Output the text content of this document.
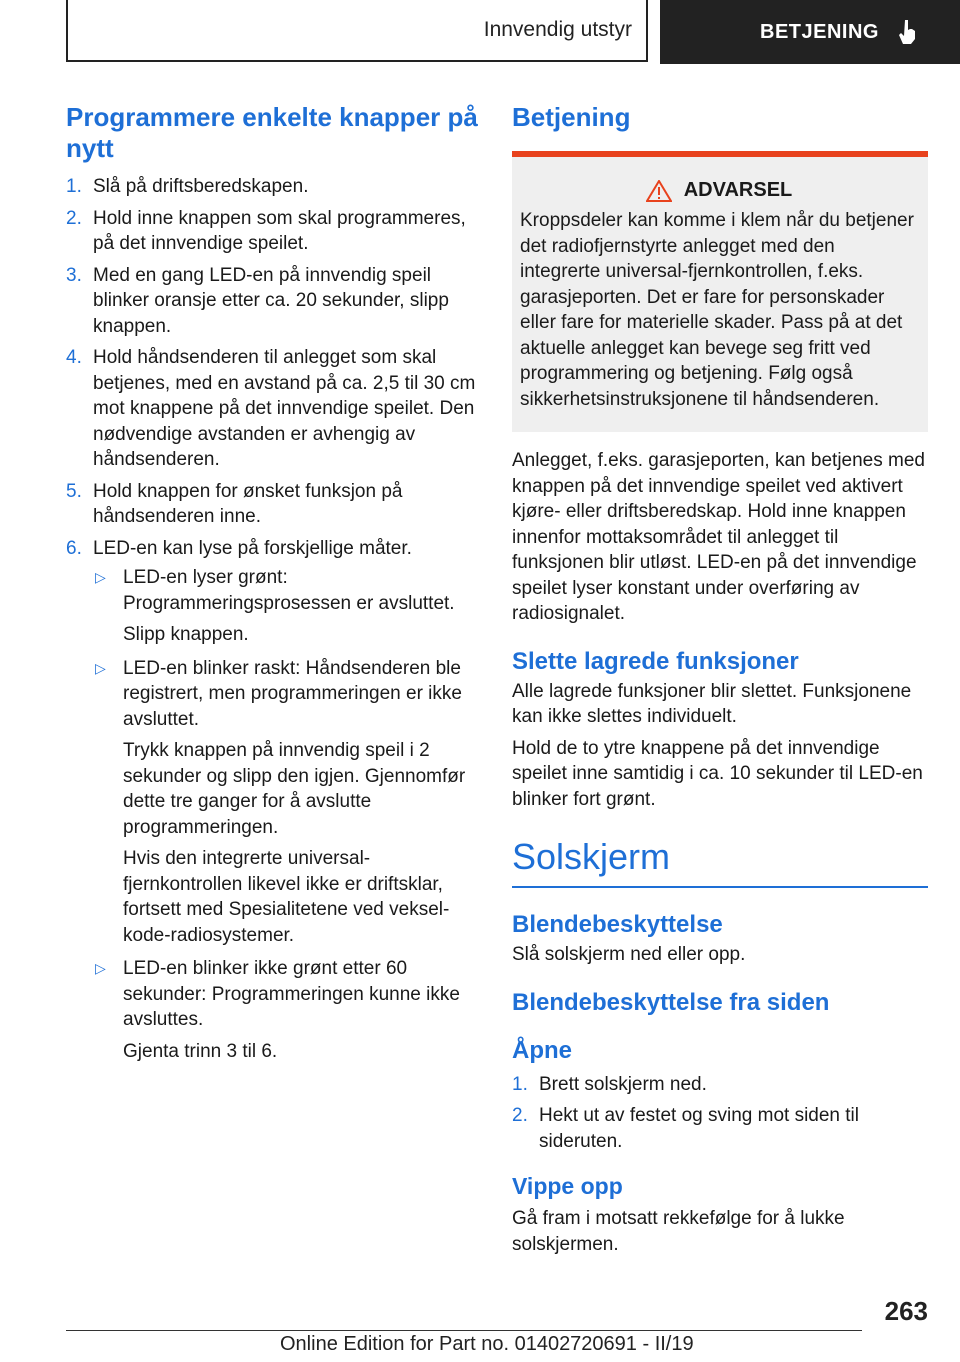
Innvendig utstyr	BETJENING
Programmere enkelte knapper på nytt
1. Slå på driftsberedskapen.
2. Hold inne knappen som skal programmeres, på det innvendige speilet.
3. Med en gang LED-en på innvendig speil blinker oransje etter ca. 20 sekunder, slipp knappen.
4. Hold håndsenderen til anlegget som skal betjenes, med en avstand på ca. 2,5 til 30 cm mot knappene på det innvendige speilet. Den nødvendige avstanden er avhengig av håndsenderen.
5. Hold knappen for ønsket funksjon på håndsenderen inne.
6. LED-en kan lyse på forskjellige måter.
▷ LED-en lyser grønt: Programmeringsprosessen er avsluttet.
Slipp knappen.
▷ LED-en blinker raskt: Håndsenderen ble registrert, men programmeringen er ikke avsluttet.
Trykk knappen på innvendig speil i 2 sekunder og slipp den igjen. Gjennomfør dette tre ganger for å avslutte programmeringen.
Hvis den integrerte universal-fjernkontrollen likevel ikke er driftsklar, fortsett med Spesialitetene ved veksel-kode-radiosystemer.
▷ LED-en blinker ikke grønt etter 60 sekunder: Programmeringen kunne ikke avsluttes.
Gjenta trinn 3 til 6.
Betjening
ADVARSEL

Kroppsdeler kan komme i klem når du betjener det radiofjernstyrte anlegget med den integrerte universal-fjernkontrollen, f.eks. garasjeporten. Det er fare for personskader eller fare for materielle skader. Pass på at det aktuelle anlegget kan bevege seg fritt ved programmering og betjening. Følg også sikkerhetsinstruksjonene til håndsenderen.

Anlegget, f.eks. garasjeporten, kan betjenes med knappen på det innvendige speilet ved aktivert kjøre- eller driftsberedskap. Hold inne knappen innenfor mottaksområdet til anlegget til funksjonen blir utløst. LED-en på det innvendige speilet lyser konstant under overføring av radiosignalet.

Slette lagrede funksjoner

Alle lagrede funksjoner blir slettet. Funksjonene kan ikke slettes individuelt.

Hold de to ytre knappene på det innvendige speilet inne samtidig i ca. 10 sekunder til LED-en blinker fort grønt.

Solskjerm
Blendebeskyttelse

Slå solskjerm ned eller opp.

Blendebeskyttelse fra siden
Åpne
1. Brett solskjerm ned.
2. Hekt ut av festet og sving mot siden til sideruten.
Vippe opp

Gå fram i motsatt rekkefølge for å lukke solskjermen.

263
Online Edition for Part no. 01402720691 - II/19
